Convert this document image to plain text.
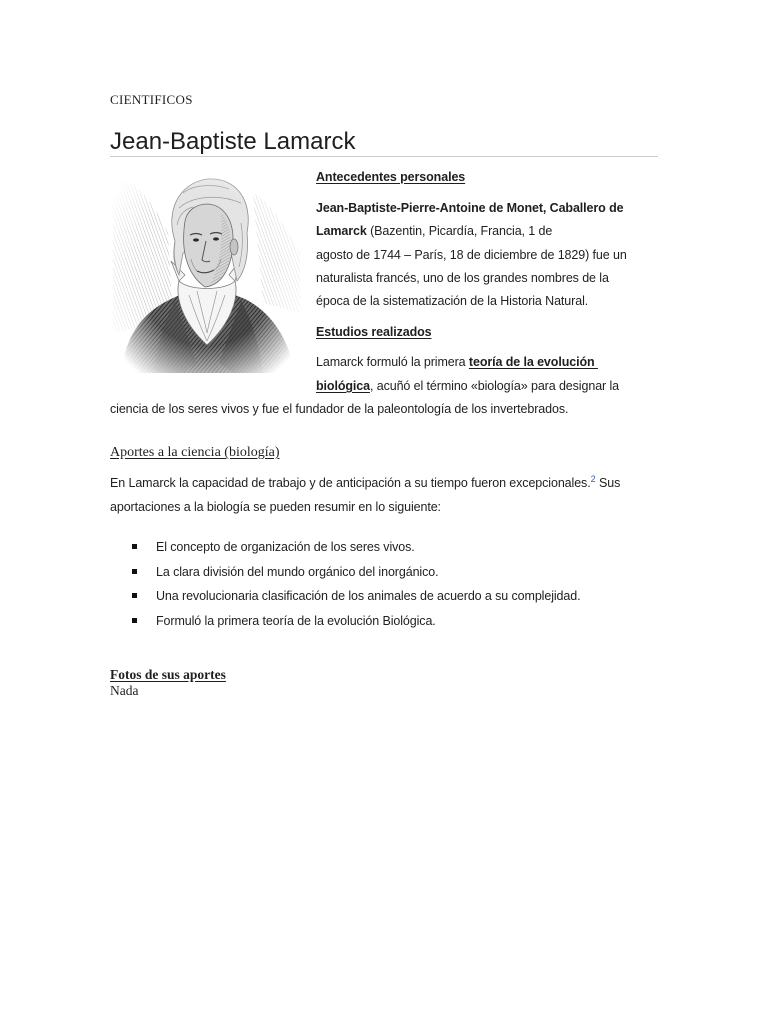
CIENTIFICOS
Jean-Baptiste Lamarck
Antecedentes personales
Jean-Baptiste-Pierre-Antoine de Monet, Caballero de
Lamarck (Bazentin, Picardía, Francia, 1 de
agosto de 1744 – París, 18 de diciembre de 1829) fue un
naturalista francés, uno de los grandes nombres de la
época de la sistematización de la Historia Natural.
Estudios realizados
Lamarck formuló la primera teoría de la evolución
biológica, acuñó el término «biología» para designar la
ciencia de los seres vivos y fue el fundador de la paleontología de los invertebrados.
Aportes a la ciencia (biología)
En Lamarck la capacidad de trabajo y de anticipación a su tiempo fueron excepcionales.$^2$ Sus
aportaciones a la biología se pueden resumir en lo siguiente:
El concepto de organización de los seres vivos.
La clara división del mundo orgánico del inorgánico.
Una revolucionaria clasificación de los animales de acuerdo a su complejidad.
Formuló la primera teoría de la evolución Biológica.
Fotos de sus aportes
Nada
